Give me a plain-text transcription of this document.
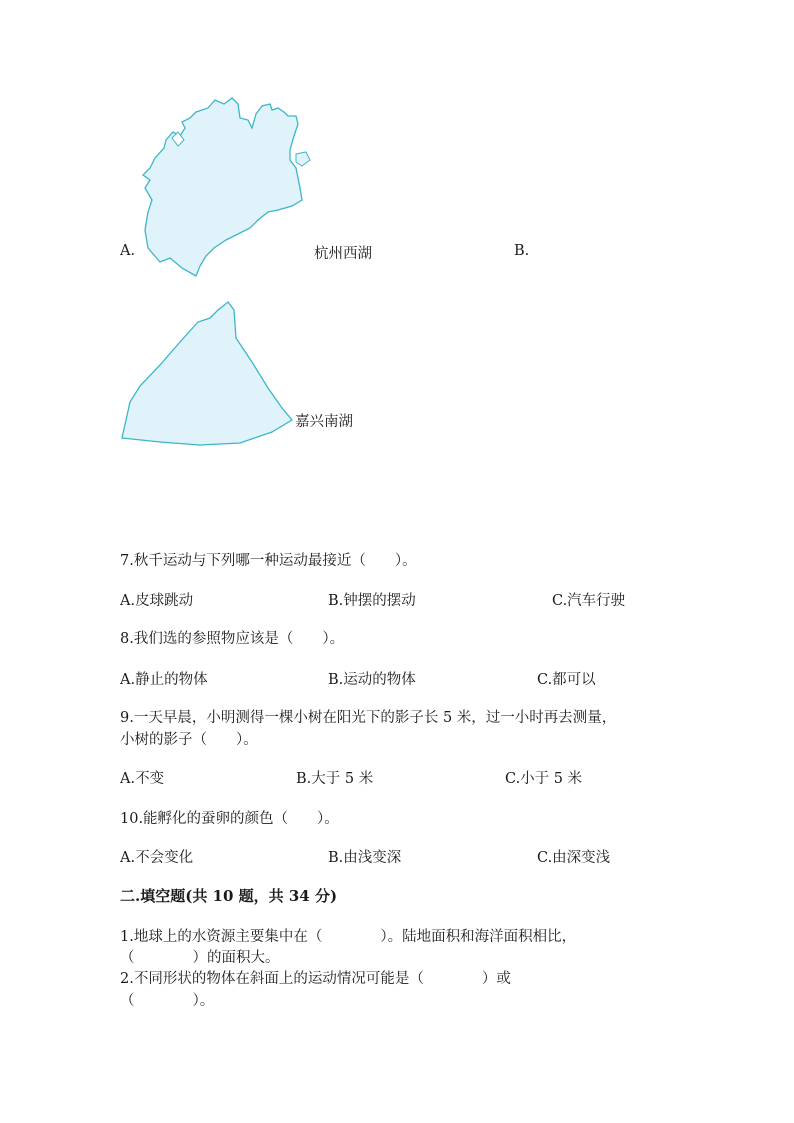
A.	杭州西湖	B.
嘉兴南湖
7.秋千运动与下列哪一种运动最接近（　　）。
A.皮球跳动	B.钟摆的摆动	C.汽车行驶
8.我们选的参照物应该是（　　）。
A.静止的物体	B.运动的物体	C.都可以
9.一天早晨，小明测得一棵小树在阳光下的影子长 5 米，过一小时再去测量，
小树的影子（　　）。
A.不变	B.大于 5 米	C.小于 5 米
10.能孵化的蚕卵的颜色（　　）。
A.不会变化	B.由浅变深	C.由深变浅
二.填空题(共 10 题，共 34 分)
1.地球上的水资源主要集中在（　　　　）。陆地面积和海洋面积相比，
（　　　　）的面积大。
2.不同形状的物体在斜面上的运动情况可能是（　　　　）或
（　　　　）。
